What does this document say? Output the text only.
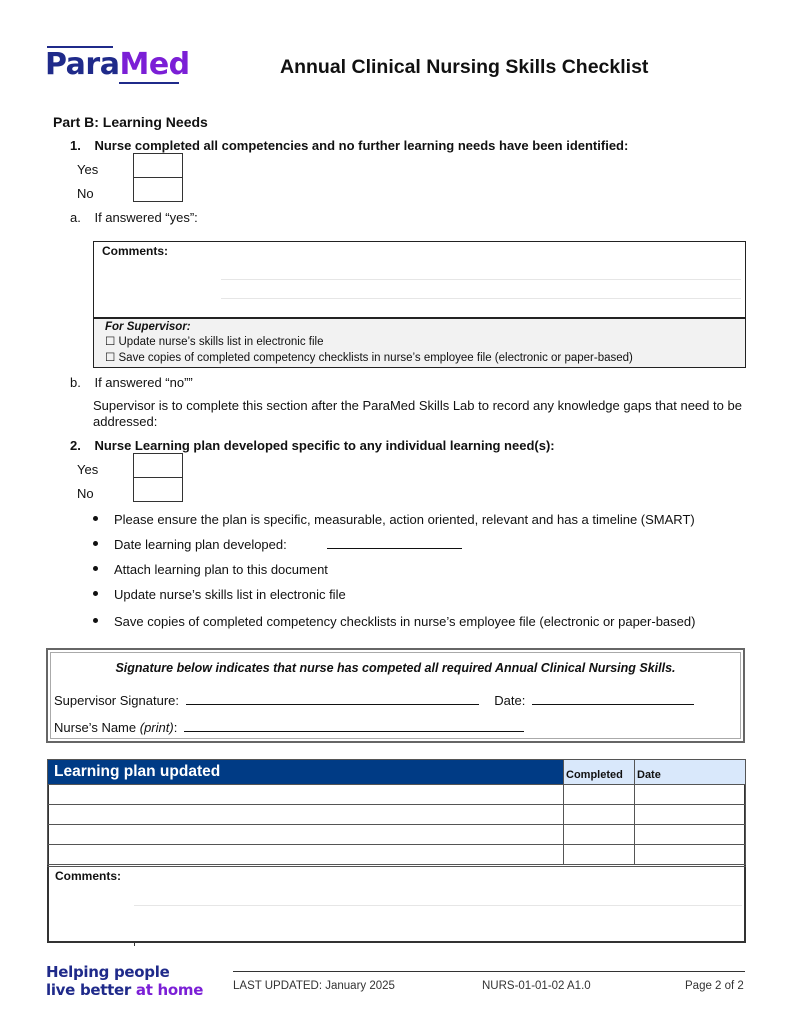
ParaMed	Annual Clinical Nursing Skills Checklist
Part B: Learning Needs
1. Nurse completed all competencies and no further learning needs have been identified:
Yes
No
a. If answered “yes”:
Comments:
For Supervisor:
☐ Update nurse’s skills list in electronic file
☐ Save copies of completed competency checklists in nurse’s employee file (electronic or paper-based)
b. If answered “no””
Supervisor is to complete this section after the ParaMed Skills Lab to record any knowledge gaps that need to be addressed:
2. Nurse Learning plan developed specific to any individual learning need(s):
Yes
No
Please ensure the plan is specific, measurable, action oriented, relevant and has a timeline (SMART)
Date learning plan developed:
Attach learning plan to this document
Update nurse’s skills list in electronic file
Save copies of completed competency checklists in nurse’s employee file (electronic or paper-based)
Signature below indicates that nurse has competed all required Annual Clinical Nursing Skills.
Supervisor Signature:	Date:
Nurse’s Name (print):
Learning plan updated	Completed	Date

Comments:
Helping people
live better at home	LAST UPDATED: January 2025	NURS-01-01-02 A1.0	Page 2 of 2
